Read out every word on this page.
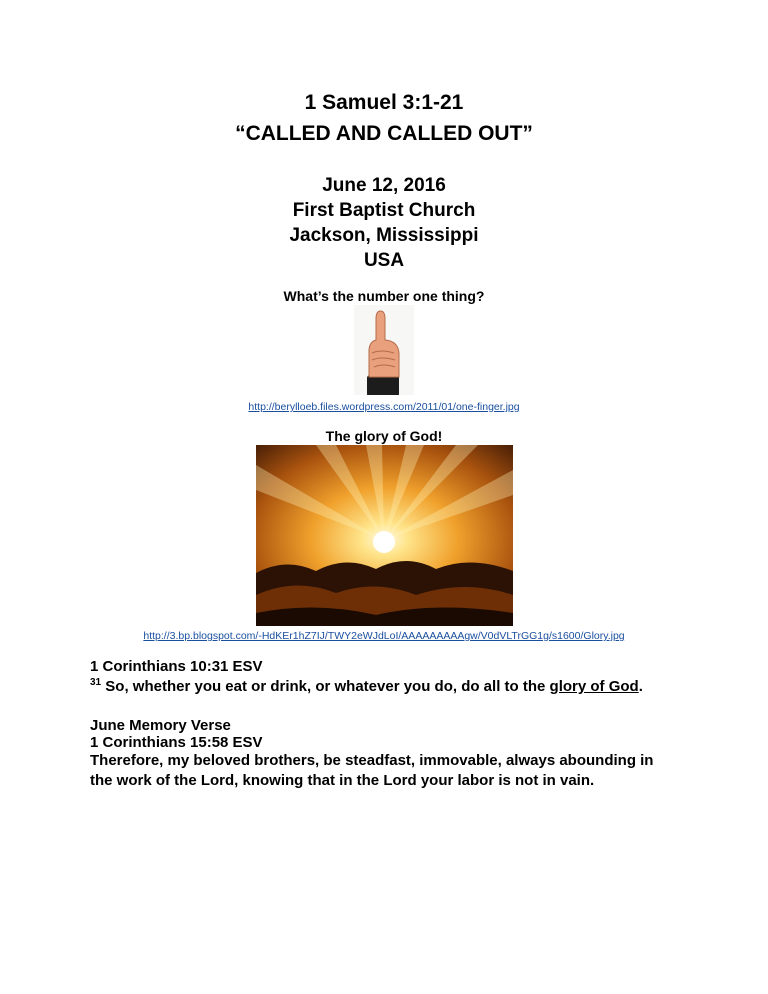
1 Samuel 3:1-21
“CALLED AND CALLED OUT”
June 12, 2016
First Baptist Church
Jackson, Mississippi
USA
What’s the number one thing?
http://berylloeb.files.wordpress.com/2011/01/one-finger.jpg
The glory of God!
http://3.bp.blogspot.com/-HdKEr1hZ7IJ/TWY2eWJdLoI/AAAAAAAAAgw/V0dVLTrGG1g/s1600/Glory.jpg
1 Corinthians 10:31 ESV
$^{31}$ So, whether you eat or drink, or whatever you do, do all to the glory of God.
June Memory Verse
1 Corinthians 15:58 ESV
Therefore, my beloved brothers, be steadfast, immovable, always abounding in the work of the Lord, knowing that in the Lord your labor is not in vain.
